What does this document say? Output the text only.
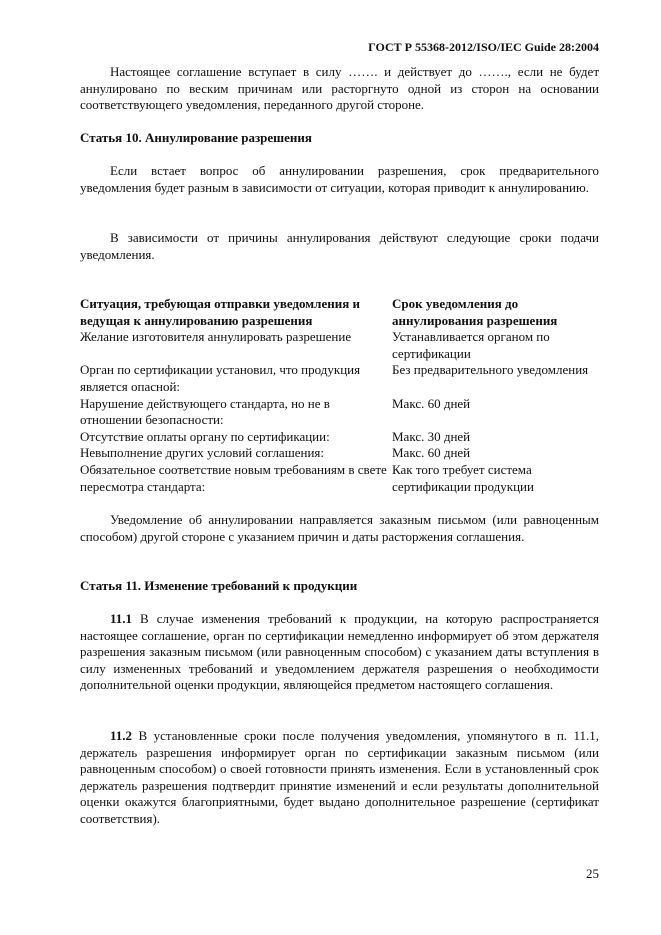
ГОСТ Р 55368-2012/ISO/IEC Guide 28:2004

Настоящее соглашение вступает в силу ……. и действует до ……., если не будет аннулировано по веским причинам или расторгнуто одной из сторон на основании соответствующего уведомления, переданного другой стороне.

Статья 10. Аннулирование разрешения

Если встает вопрос об аннулировании разрешения, срок предварительного уведомления будет разным в зависимости от ситуации, которая приводит к аннулированию.

В зависимости от причины аннулирования действуют следующие сроки подачи уведомления.

Ситуация, требующая отправки уведомления и ведущая к аннулированию разрешения	Срок уведомления до аннулирования разрешения
Желание изготовителя аннулировать разрешение	Устанавливается органом по сертификации
Орган по сертификации установил, что продукция является опасной:	Без предварительного уведомления
Нарушение действующего стандарта, но не в отношении безопасности:	Макс. 60 дней
Отсутствие оплаты органу по сертификации:	Макс. 30 дней
Невыполнение других условий соглашения:	Макс. 60 дней
Обязательное соответствие новым требованиям в свете пересмотра стандарта:	Как того требует система сертификации продукции

Уведомление об аннулировании направляется заказным письмом (или равноценным способом) другой стороне с указанием причин и даты расторжения соглашения.

Статья 11. Изменение требований к продукции

11.1 В случае изменения требований к продукции, на которую распространяется настоящее соглашение, орган по сертификации немедленно информирует об этом держателя разрешения заказным письмом (или равноценным способом) с указанием даты вступления в силу измененных требований и уведомлением держателя разрешения о необходимости дополнительной оценки продукции, являющейся предметом настоящего соглашения.

11.2 В установленные сроки после получения уведомления, упомянутого в п. 11.1, держатель разрешения информирует орган по сертификации заказным письмом (или равноценным способом) о своей готовности принять изменения. Если в установленный срок держатель разрешения подтвердит принятие изменений и если результаты дополнительной оценки окажутся благоприятными, будет выдано дополнительное разрешение (сертификат соответствия).

25
